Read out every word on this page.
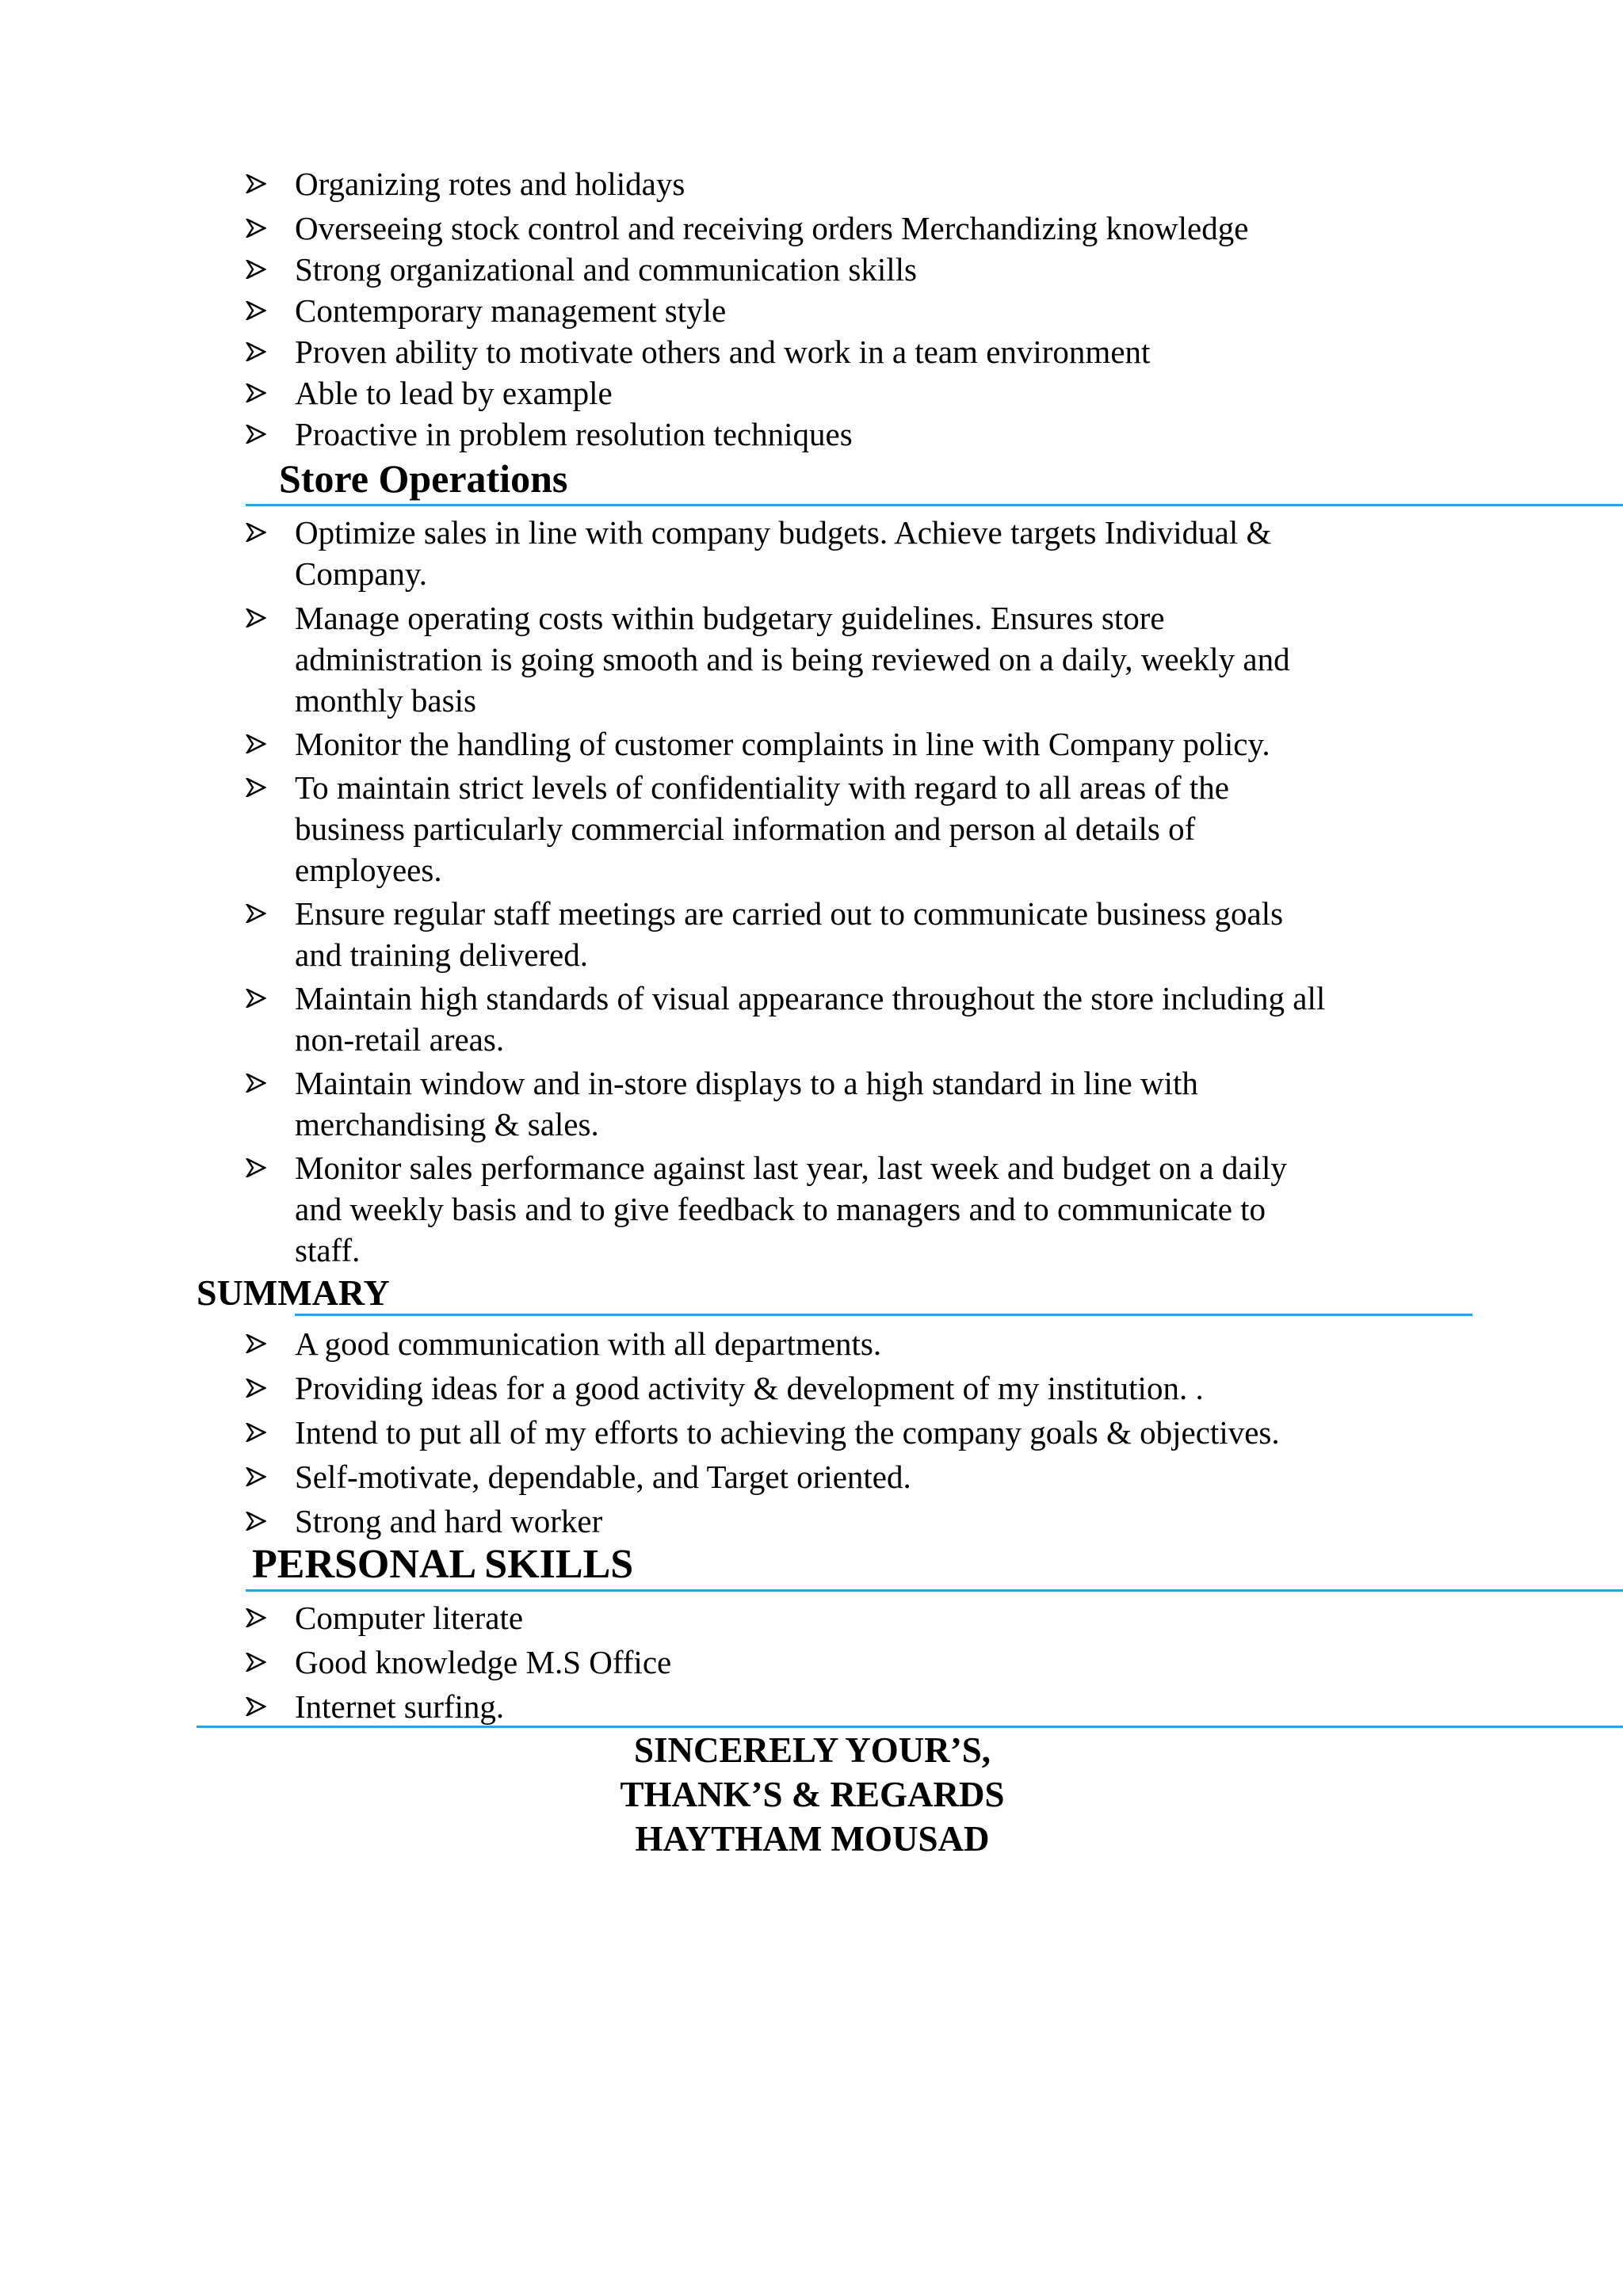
Organizing rotes and holidays
Overseeing stock control and receiving orders Merchandizing knowledge
Strong organizational and communication skills
Contemporary management style
Proven ability to motivate others and work in a team environment
Able to lead by example
Proactive in problem resolution techniques
Store Operations
Optimize sales in line with company budgets. Achieve targets Individual &
Company.
Manage operating costs within budgetary guidelines. Ensures store
administration is going smooth and is being reviewed on a daily, weekly and
monthly basis
Monitor the handling of customer complaints in line with Company policy.
To maintain strict levels of confidentiality with regard to all areas of the
business particularly commercial information and person al details of
employees.
Ensure regular staff meetings are carried out to communicate business goals
and training delivered.
Maintain high standards of visual appearance throughout the store including all
non-retail areas.
Maintain window and in-store displays to a high standard in line with
merchandising & sales.
Monitor sales performance against last year, last week and budget on a daily
and weekly basis and to give feedback to managers and to communicate to
staff.
SUMMARY
A good communication with all departments.
Providing ideas for a good activity & development of my institution. .
Intend to put all of my efforts to achieving the company goals & objectives.
Self-motivate, dependable, and Target oriented.
Strong and hard worker
PERSONAL SKILLS
Computer literate
Good knowledge M.S Office
Internet surfing.
SINCERELY YOUR’S,
THANK’S & REGARDS
HAYTHAM MOUSAD
